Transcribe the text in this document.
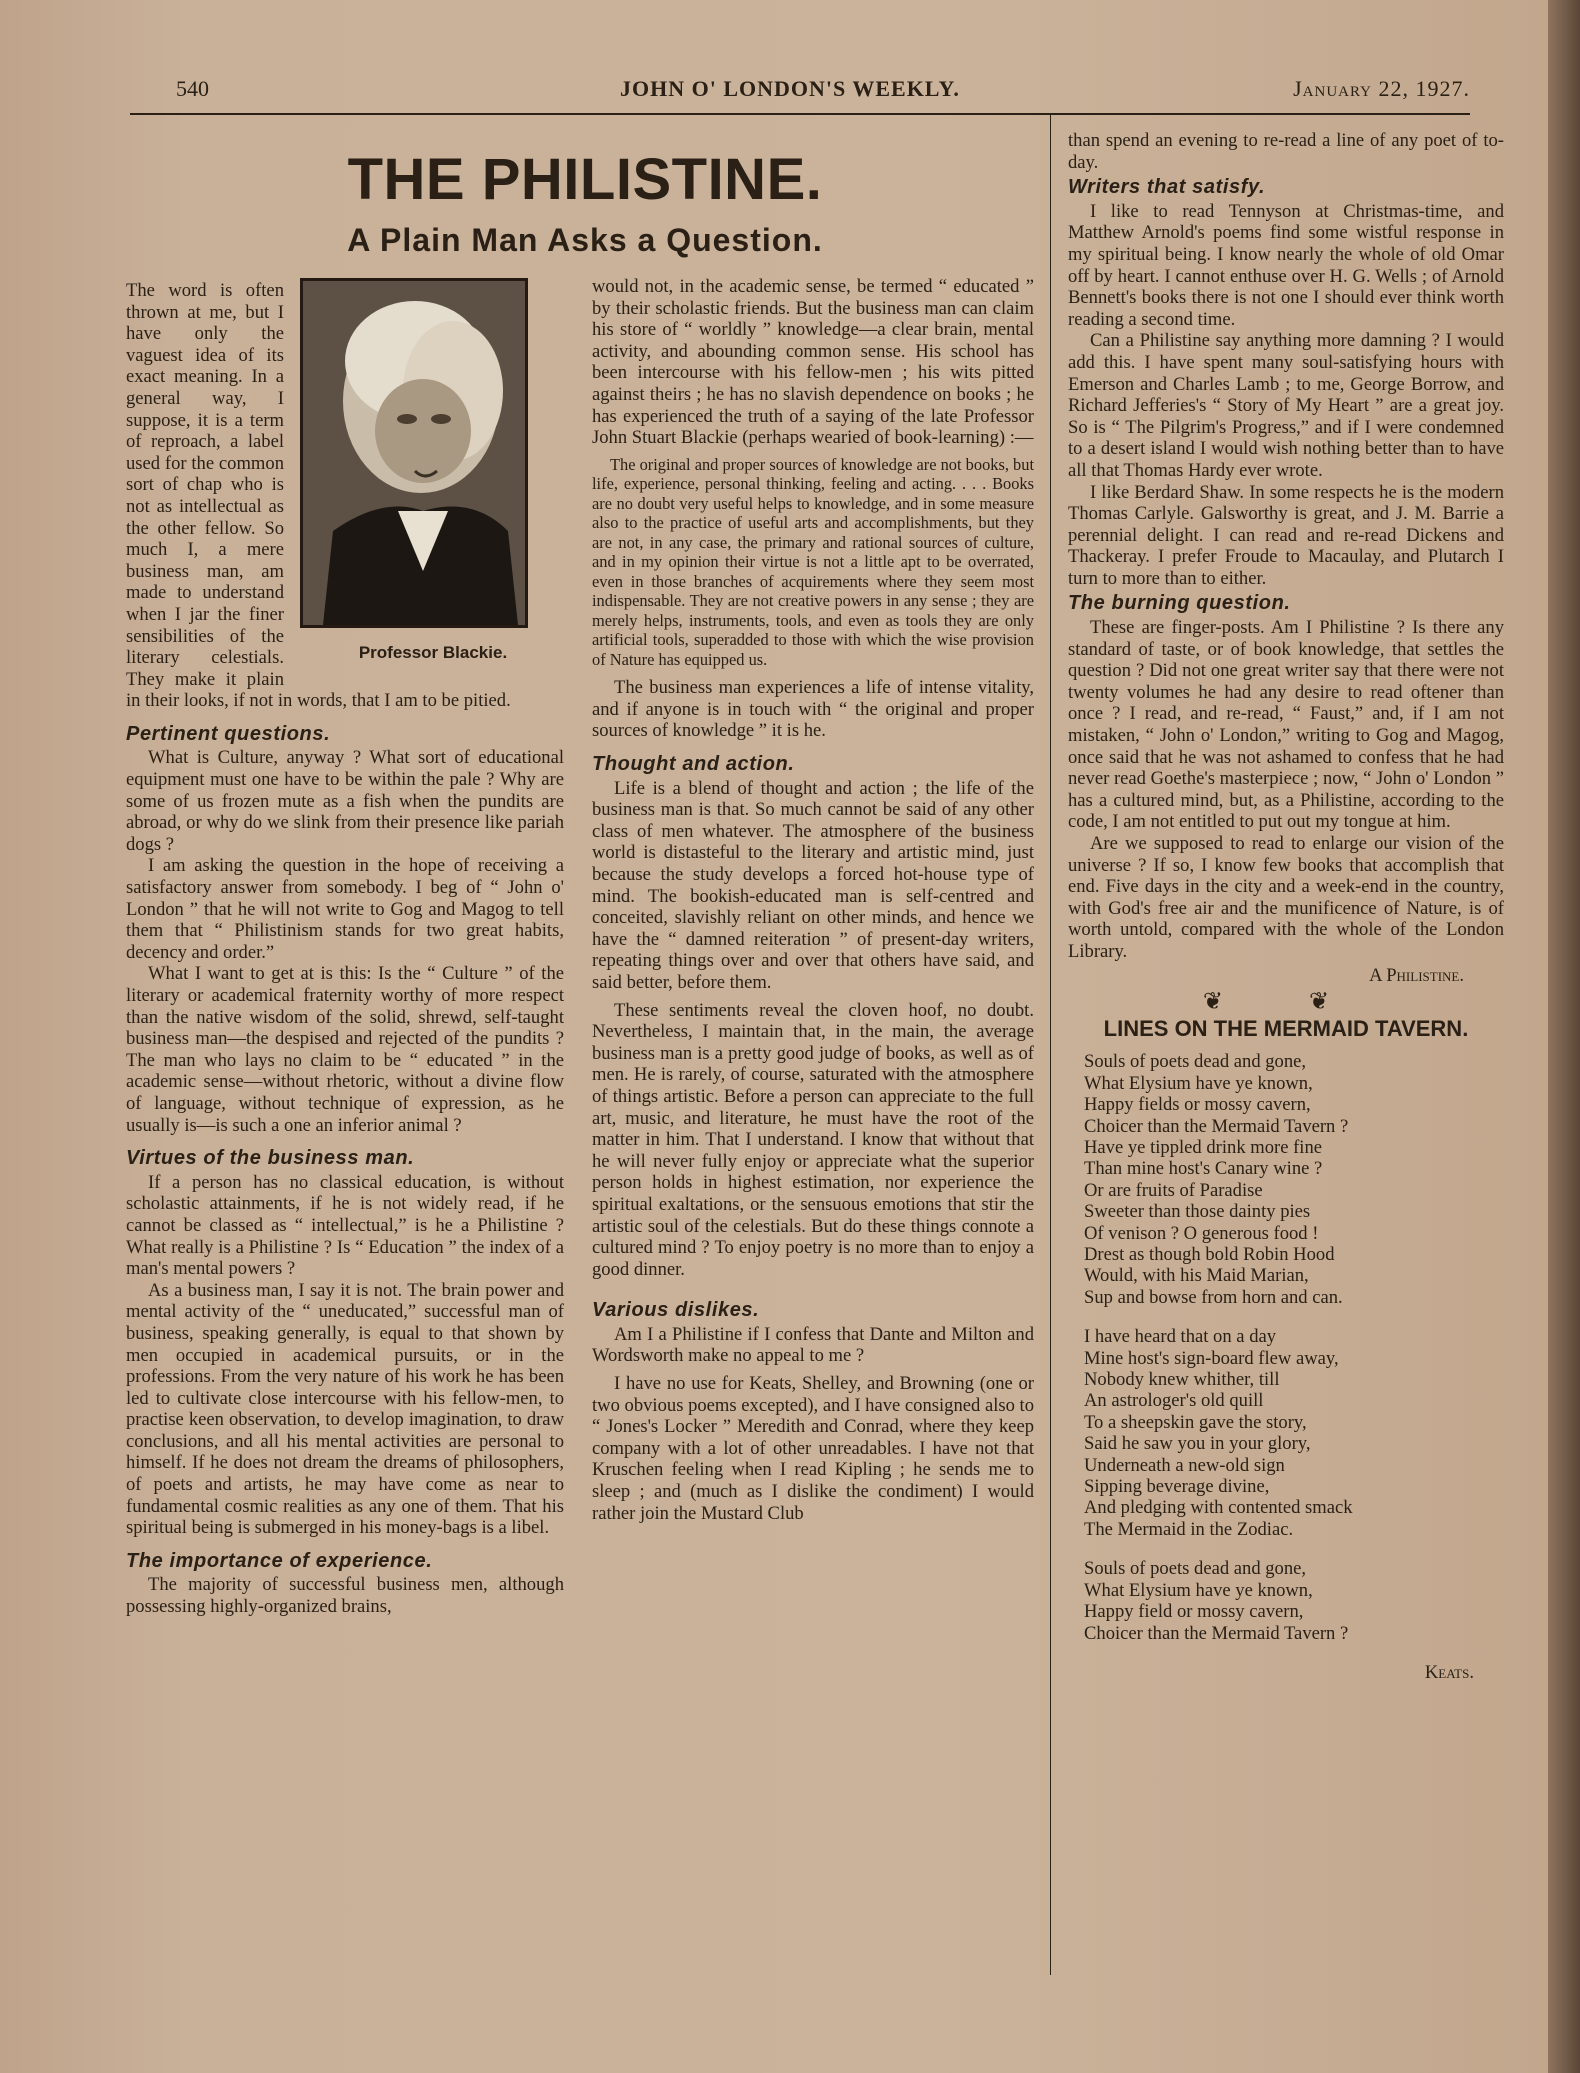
540	JOHN O' LONDON'S WEEKLY.	January 22, 1927.
THE PHILISTINE.
A Plain Man Asks a Question.
Professor Blackie.

The word is often thrown at me, but I have only the vaguest idea of its exact meaning. In a general way, I suppose, it is a term of reproach, a label used for the common sort of chap who is not as intellectual as the other fellow. So much I, a mere business man, am made to understand when I jar the finer sensibilities of the literary celestials. They make it plain in their looks, if not in words, that I am to be pitied.

Pertinent questions.

What is Culture, anyway ? What sort of educational equipment must one have to be within the pale ? Why are some of us frozen mute as a fish when the pundits are abroad, or why do we slink from their presence like pariah dogs ?

I am asking the question in the hope of receiving a satisfactory answer from somebody. I beg of “ John o' London ” that he will not write to Gog and Magog to tell them that “ Philistinism stands for two great habits, decency and order.”

What I want to get at is this: Is the “ Culture ” of the literary or academical fraternity worthy of more respect than the native wisdom of the solid, shrewd, self-taught business man—the despised and rejected of the pundits ? The man who lays no claim to be “ educated ” in the academic sense—without rhetoric, without a divine flow of language, without technique of expression, as he usually is—is such a one an inferior animal ?

Virtues of the business man.

If a person has no classical education, is without scholastic attainments, if he is not widely read, if he cannot be classed as “ intellectual,” is he a Philistine ? What really is a Philistine ? Is “ Education ” the index of a man's mental powers ?

As a business man, I say it is not. The brain power and mental activity of the “ uneducated,” successful man of business, speaking generally, is equal to that shown by men occupied in academical pursuits, or in the professions. From the very nature of his work he has been led to cultivate close intercourse with his fellow-men, to practise keen observation, to develop imagination, to draw conclusions, and all his mental activities are personal to himself. If he does not dream the dreams of philosophers, of poets and artists, he may have come as near to fundamental cosmic realities as any one of them. That his spiritual being is submerged in his money-bags is a libel.

The importance of experience.

The majority of successful business men, although possessing highly-organized brains,

would not, in the academic sense, be termed “ educated ” by their scholastic friends. But the business man can claim his store of “ worldly ” knowledge—a clear brain, mental activity, and abounding common sense. His school has been intercourse with his fellow-men ; his wits pitted against theirs ; he has no slavish dependence on books ; he has experienced the truth of a saying of the late Professor John Stuart Blackie (perhaps wearied of book-learning) :—

The original and proper sources of knowledge are not books, but life, experience, personal thinking, feeling and acting. . . . Books are no doubt very useful helps to knowledge, and in some measure also to the practice of useful arts and accomplishments, but they are not, in any case, the primary and rational sources of culture, and in my opinion their virtue is not a little apt to be overrated, even in those branches of acquirements where they seem most indispensable. They are not creative powers in any sense ; they are merely helps, instruments, tools, and even as tools they are only artificial tools, superadded to those with which the wise provision of Nature has equipped us.

The business man experiences a life of intense vitality, and if anyone is in touch with “ the original and proper sources of knowledge ” it is he.

Thought and action.

Life is a blend of thought and action ; the life of the business man is that. So much cannot be said of any other class of men whatever. The atmosphere of the business world is distasteful to the literary and artistic mind, just because the study develops a forced hot-house type of mind. The bookish-educated man is self-centred and conceited, slavishly reliant on other minds, and hence we have the “ damned reiteration ” of present-day writers, repeating things over and over that others have said, and said better, before them.

These sentiments reveal the cloven hoof, no doubt. Nevertheless, I maintain that, in the main, the average business man is a pretty good judge of books, as well as of men. He is rarely, of course, saturated with the atmosphere of things artistic. Before a person can appreciate to the full art, music, and literature, he must have the root of the matter in him. That I understand. I know that without that he will never fully enjoy or appreciate what the superior person holds in highest estimation, nor experience the spiritual exaltations, or the sensuous emotions that stir the artistic soul of the celestials. But do these things connote a cultured mind ? To enjoy poetry is no more than to enjoy a good dinner.

Various dislikes.

Am I a Philistine if I confess that Dante and Milton and Wordsworth make no appeal to me ?

I have no use for Keats, Shelley, and Browning (one or two obvious poems excepted), and I have consigned also to “ Jones's Locker ” Meredith and Conrad, where they keep company with a lot of other unreadables. I have not that Kruschen feeling when I read Kipling ; he sends me to sleep ; and (much as I dislike the condiment) I would rather join the Mustard Club

than spend an evening to re-read a line of any poet of to-day.

Writers that satisfy.

I like to read Tennyson at Christmas-time, and Matthew Arnold's poems find some wistful response in my spiritual being. I know nearly the whole of old Omar off by heart. I cannot enthuse over H. G. Wells ; of Arnold Bennett's books there is not one I should ever think worth reading a second time.

Can a Philistine say anything more damning ? I would add this. I have spent many soul-satisfying hours with Emerson and Charles Lamb ; to me, George Borrow, and Richard Jefferies's “ Story of My Heart ” are a great joy. So is “ The Pilgrim's Progress,” and if I were condemned to a desert island I would wish nothing better than to have all that Thomas Hardy ever wrote.

I like Berdard Shaw. In some respects he is the modern Thomas Carlyle. Galsworthy is great, and J. M. Barrie a perennial delight. I can read and re-read Dickens and Thackeray. I prefer Froude to Macaulay, and Plutarch I turn to more than to either.

The burning question.

These are finger-posts. Am I Philistine ? Is there any standard of taste, or of book knowledge, that settles the question ? Did not one great writer say that there were not twenty volumes he had any desire to read oftener than once ? I read, and re-read, “ Faust,” and, if I am not mistaken, “ John o' London,” writing to Gog and Magog, once said that he was not ashamed to confess that he had never read Goethe's masterpiece ; now, “ John o' London ” has a cultured mind, but, as a Philistine, according to the code, I am not entitled to put out my tongue at him.

Are we supposed to read to enlarge our vision of the universe ? If so, I know few books that accomplish that end. Five days in the city and a week-end in the country, with God's free air and the munificence of Nature, is of worth untold, compared with the whole of the London Library.

A Philistine.
❦ ❦
LINES ON THE MERMAID TAVERN.
Souls of poets dead and gone,
What Elysium have ye known,
Happy fields or mossy cavern,
Choicer than the Mermaid Tavern ?
Have ye tippled drink more fine
Than mine host's Canary wine ?
Or are fruits of Paradise
Sweeter than those dainty pies
Of venison ? O generous food !
Drest as though bold Robin Hood
Would, with his Maid Marian,
Sup and bowse from horn and can.
I have heard that on a day
Mine host's sign-board flew away,
Nobody knew whither, till
An astrologer's old quill
To a sheepskin gave the story,
Said he saw you in your glory,
Underneath a new-old sign
Sipping beverage divine,
And pledging with contented smack
The Mermaid in the Zodiac.
Souls of poets dead and gone,
What Elysium have ye known,
Happy field or mossy cavern,
Choicer than the Mermaid Tavern ?
Keats.
